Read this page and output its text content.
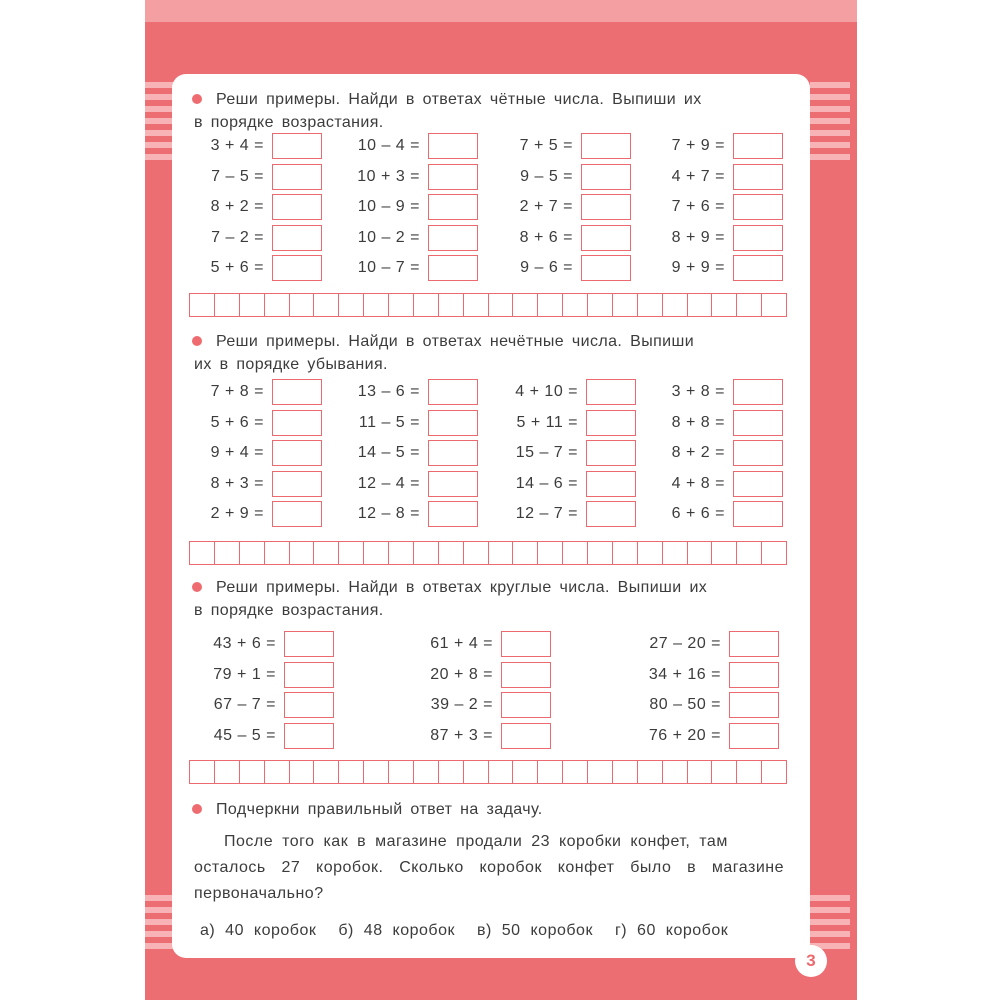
Реши примеры. Найди в ответах чётные числа. Выпиши их
в порядке возрастания.
3 + 4 =
7 – 5 =
8 + 2 =
7 – 2 =
5 + 6 =
10 – 4 =
10 + 3 =
10 – 9 =
10 – 2 =
10 – 7 =
7 + 5 =
9 – 5 =
2 + 7 =
8 + 6 =
9 – 6 =
7 + 9 =
4 + 7 =
7 + 6 =
8 + 9 =
9 + 9 =
Реши примеры. Найди в ответах нечётные числа. Выпиши
их в порядке убывания.
7 + 8 =
5 + 6 =
9 + 4 =
8 + 3 =
2 + 9 =
13 – 6 =
11 – 5 =
14 – 5 =
12 – 4 =
12 – 8 =
4 + 10 =
5 + 11 =
15 – 7 =
14 – 6 =
12 – 7 =
3 + 8 =
8 + 8 =
8 + 2 =
4 + 8 =
6 + 6 =
Реши примеры. Найди в ответах круглые числа. Выпиши их
в порядке возрастания.
43 + 6 =
79 + 1 =
67 – 7 =
45 – 5 =
61 + 4 =
20 + 8 =
39 – 2 =
87 + 3 =
27 – 20 =
34 + 16 =
80 – 50 =
76 + 20 =
Подчеркни правильный ответ на задачу.
После того как в магазине продали 23 коробки конфет, там
осталось 27 коробок. Сколько коробок конфет было в магазине
первоначально?
а) 40 коробок б) 48 коробок в) 50 коробок г) 60 коробок
3
